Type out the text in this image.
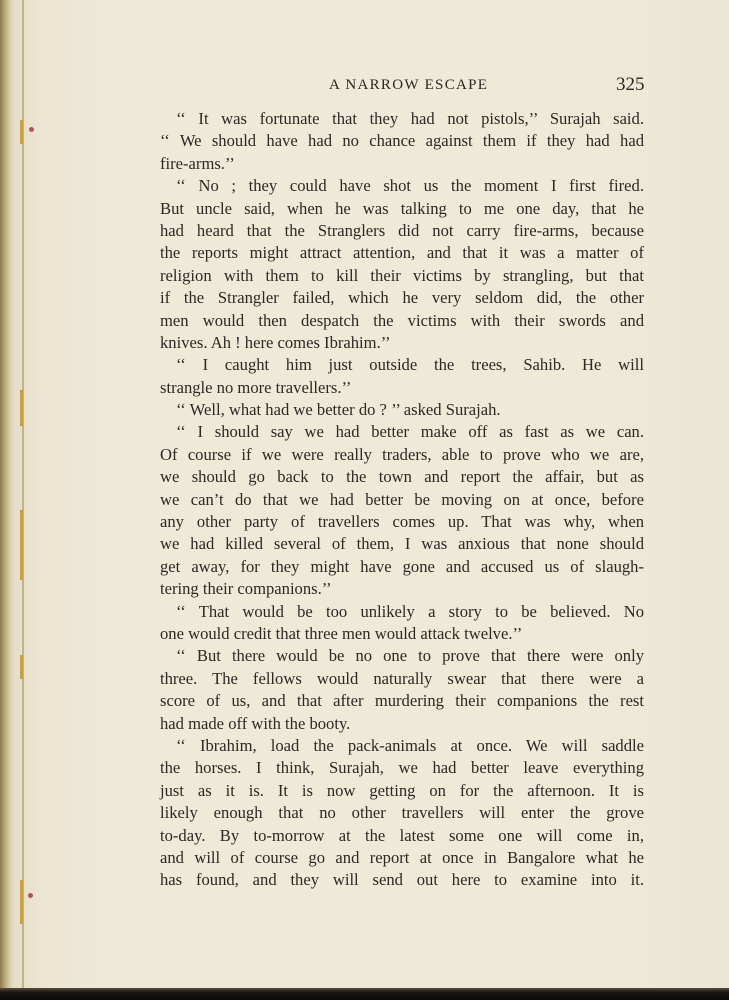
A NARROW ESCAPE	325
‘‘ It was fortunate that they had not pistols,’’ Surajah said.
‘‘ We should have had no chance against them if they had had
fire-arms.’’
‘‘ No ; they could have shot us the moment I first fired.
But uncle said, when he was talking to me one day, that he
had heard that the Stranglers did not carry fire-arms, because
the reports might attract attention, and that it was a matter of
religion with them to kill their victims by strangling, but that
if the Strangler failed, which he very seldom did, the other
men would then despatch the victims with their swords and
knives. Ah ! here comes Ibrahim.’’
‘‘ I caught him just outside the trees, Sahib. He will
strangle no more travellers.’’
‘‘ Well, what had we better do ? ’’ asked Surajah.
‘‘ I should say we had better make off as fast as we can.
Of course if we were really traders, able to prove who we are,
we should go back to the town and report the affair, but as
we can’t do that we had better be moving on at once, before
any other party of travellers comes up. That was why, when
we had killed several of them, I was anxious that none should
get away, for they might have gone and accused us of slaugh-
tering their companions.’’
‘‘ That would be too unlikely a story to be believed. No
one would credit that three men would attack twelve.’’
‘‘ But there would be no one to prove that there were only
three. The fellows would naturally swear that there were a
score of us, and that after murdering their companions the rest
had made off with the booty.
‘‘ Ibrahim, load the pack-animals at once. We will saddle
the horses. I think, Surajah, we had better leave everything
just as it is. It is now getting on for the afternoon. It is
likely enough that no other travellers will enter the grove
to-day. By to-morrow at the latest some one will come in,
and will of course go and report at once in Bangalore what he
has found, and they will send out here to examine into it.
